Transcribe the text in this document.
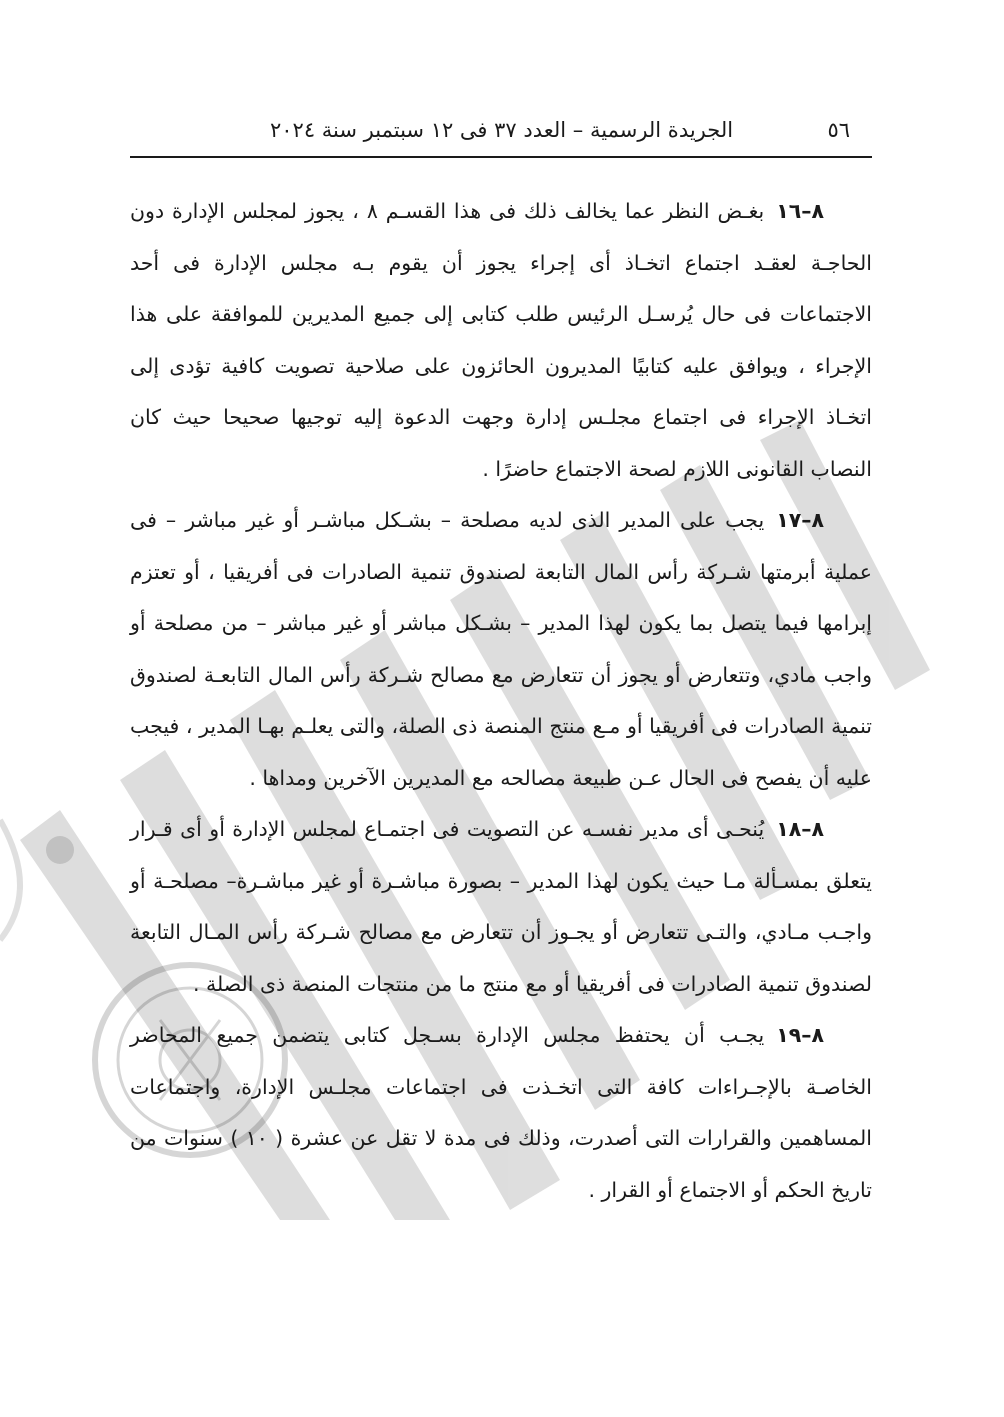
٥٦
الجريدة الرسمية – العدد ٣٧ فى ١٢ سبتمبر سنة ٢٠٢٤

٨–١٦بغـض النظر عما يخالف ذلك فى هذا القسـم ٨ ، يجوز لمجلس الإدارة دون الحاجـة لعقـد اجتماع اتخـاذ أى إجراء يجوز أن يقوم بـه مجلس الإدارة فى أحد الاجتماعات فى حال يُرسـل الرئيس طلب كتابى إلى جميع المديرين للموافقة على هذا الإجراء ، ويوافق عليه كتابيًا المديرون الحائزون على صلاحية تصويت كافية تؤدى إلى اتخـاذ الإجراء فى اجتماع مجلـس إدارة وجهت الدعوة إليه توجيها صحيحا حيث كان النصاب القانونى اللازم لصحة الاجتماع حاضرًا .

٨–١٧يجب على المدير الذى لديه مصلحة – بشـكل مباشـر أو غير مباشر – فى عملية أبرمتها شـركة رأس المال التابعة لصندوق تنمية الصادرات فى أفريقيا ، أو تعتزم إبرامها فيما يتصل بما يكون لهذا المدير – بشـكل مباشر أو غير مباشر – من مصلحة أو واجب مادي، وتتعارض أو يجوز أن تتعارض مع مصالح شـركة رأس المال التابعـة لصندوق تنمية الصادرات فى أفريقيا أو مـع منتج المنصة ذى الصلة، والتى يعلـم بهـا المدير ، فيجب عليه أن يفصح فى الحال عـن طبيعة مصالحه مع المديرين الآخرين ومداها .

٨–١٨يُنحـى أى مدير نفسـه عن التصويت فى اجتمـاع لمجلس الإدارة أو أى قـرار يتعلق بمسـألة مـا حيث يكون لهذا المدير – بصورة مباشـرة أو غير مباشـرة– مصلحـة أو واجـب مـادي، والتـى تتعارض أو يجـوز أن تتعارض مع مصالح شـركة رأس المـال التابعة لصندوق تنمية الصادرات فى أفريقيا أو مع منتج ما من منتجات المنصة ذى الصلة .

٨–١٩يجـب أن يحتفظ مجلس الإدارة بسـجل كتابى يتضمن جميع المحاضر الخاصـة بالإجـراءات كافة التى اتخـذت فى اجتماعات مجلـس الإدارة، واجتماعات المساهمين والقرارات التى أصدرت، وذلك فى مدة لا تقل عن عشرة ( ١٠ ) سنوات من تاريخ الحكم أو الاجتماع أو القرار .
